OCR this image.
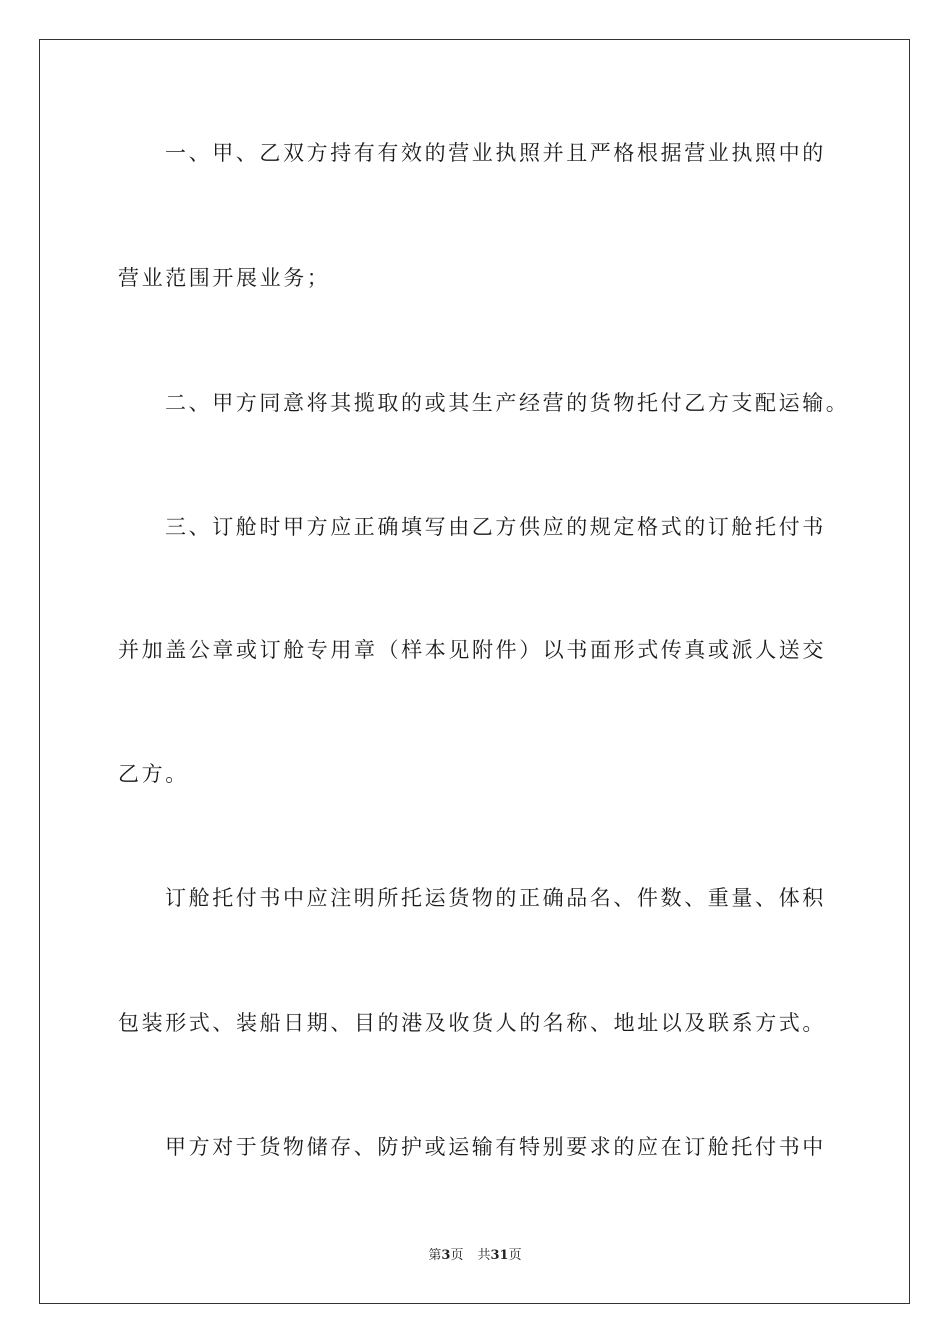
一、甲、乙双方持有有效的营业执照并且严格根据营业执照中的
营业范围开展业务；
二、甲方同意将其揽取的或其生产经营的货物托付乙方支配运输。
三、订舱时甲方应正确填写由乙方供应的规定格式的订舱托付书
并加盖公章或订舱专用章（样本见附件）以书面形式传真或派人送交
乙方。
订舱托付书中应注明所托运货物的正确品名、件数、重量、体积
包装形式、装船日期、目的港及收货人的名称、地址以及联系方式。
甲方对于货物储存、防护或运输有特别要求的应在订舱托付书中
第3页 共31页
